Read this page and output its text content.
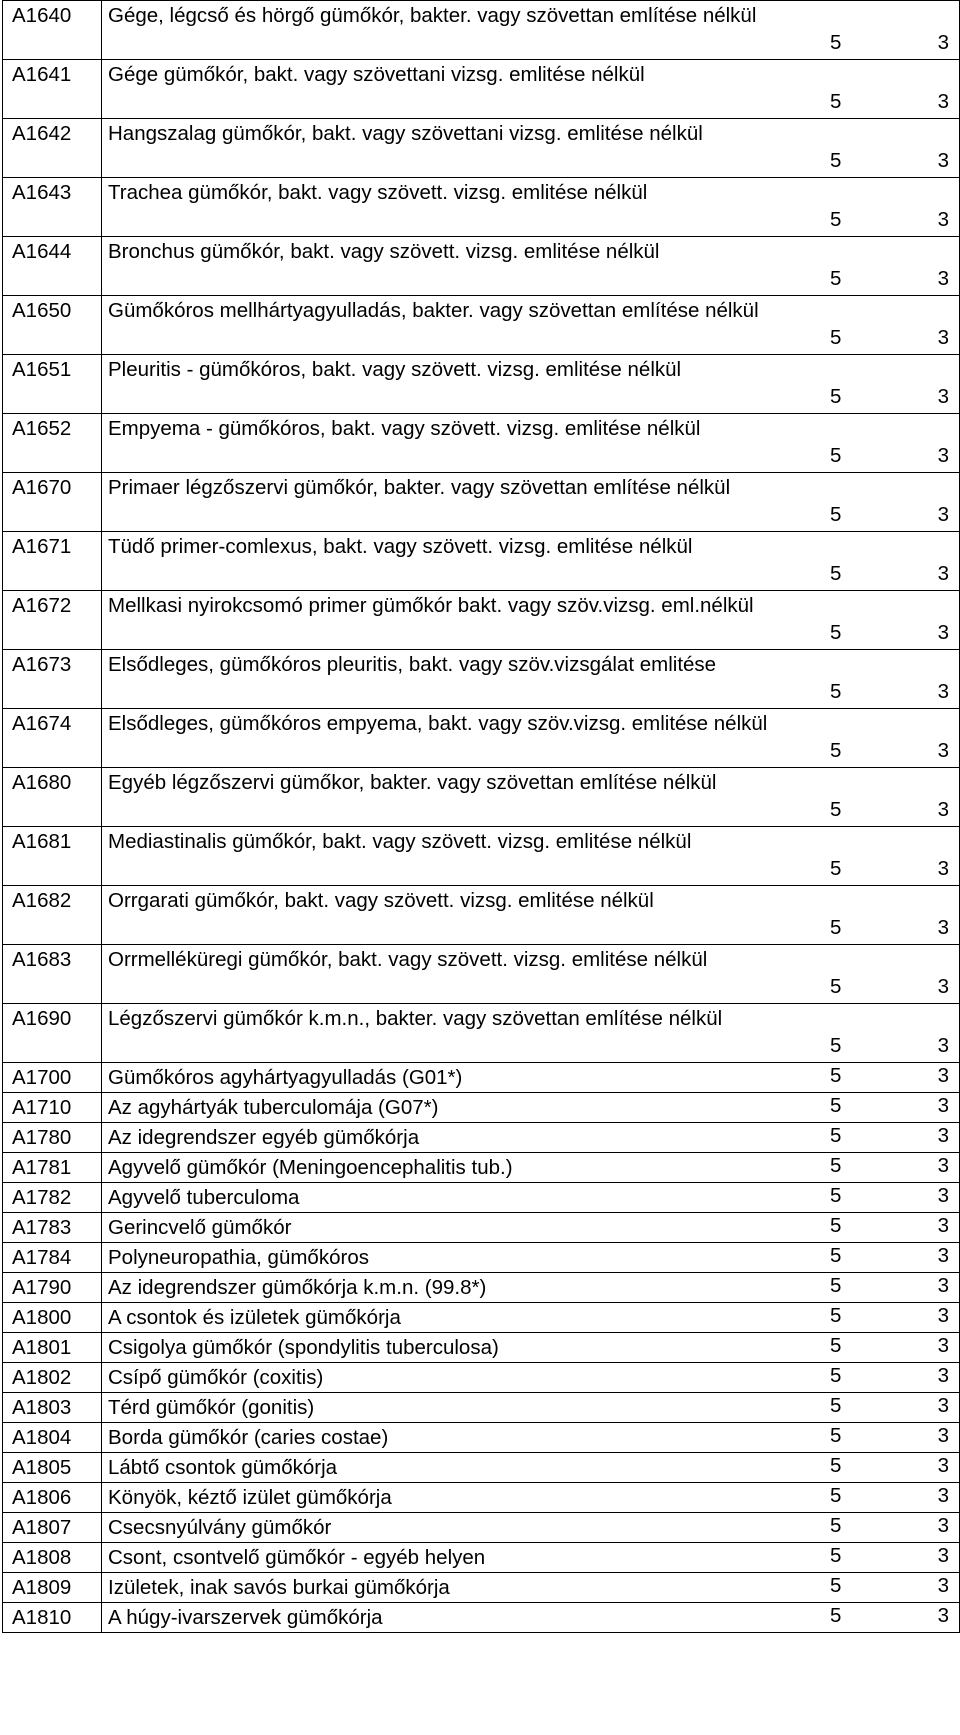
A1640	Gége, légcső és hörgő gümőkór, bakter. vagy szövettan említése nélkül
5 3

A1641	Gége gümőkór, bakt. vagy szövettani vizsg. emlitése nélkül
5 3

A1642	Hangszalag gümőkór, bakt. vagy szövettani vizsg. emlitése nélkül
5 3

A1643	Trachea gümőkór, bakt. vagy szövett. vizsg. emlitése nélkül
5 3

A1644	Bronchus gümőkór, bakt. vagy szövett. vizsg. emlitése nélkül
5 3

A1650	Gümőkóros mellhártyagyulladás, bakter. vagy szövettan említése nélkül
5 3

A1651	Pleuritis - gümőkóros, bakt. vagy szövett. vizsg. emlitése nélkül
5 3

A1652	Empyema - gümőkóros, bakt. vagy szövett. vizsg. emlitése nélkül
5 3

A1670	Primaer légzőszervi gümőkór, bakter. vagy szövettan említése nélkül
5 3

A1671	Tüdő primer-comlexus, bakt. vagy szövett. vizsg. emlitése nélkül
5 3

A1672	Mellkasi nyirokcsomó primer gümőkór bakt. vagy szöv.vizsg. eml.nélkül
5 3

A1673	Elsődleges, gümőkóros pleuritis, bakt. vagy szöv.vizsgálat emlitése
5 3

A1674	Elsődleges, gümőkóros empyema, bakt. vagy szöv.vizsg. emlitése nélkül
5 3

A1680	Egyéb légzőszervi gümőkor, bakter. vagy szövettan említése nélkül
5 3

A1681	Mediastinalis gümőkór, bakt. vagy szövett. vizsg. emlitése nélkül
5 3

A1682	Orrgarati gümőkór, bakt. vagy szövett. vizsg. emlitése nélkül
5 3

A1683	Orrmelléküregi gümőkór, bakt. vagy szövett. vizsg. emlitése nélkül
5 3

A1690	Légzőszervi gümőkór k.m.n., bakter. vagy szövettan említése nélkül
5 3

A1700	Gümőkóros agyhártyagyulladás (G01*) 5 3

A1710	Az agyhártyák tuberculomája (G07*) 5 3

A1780	Az idegrendszer egyéb gümőkórja 5 3

A1781	Agyvelő gümőkór (Meningoencephalitis tub.) 5 3

A1782	Agyvelő tuberculoma 5 3

A1783	Gerincvelő gümőkór 5 3

A1784	Polyneuropathia, gümőkóros 5 3

A1790	Az idegrendszer gümőkórja k.m.n. (99.8*) 5 3

A1800	A csontok és izületek gümőkórja 5 3

A1801	Csigolya gümőkór (spondylitis tuberculosa) 5 3

A1802	Csípő gümőkór (coxitis) 5 3

A1803	Térd gümőkór (gonitis) 5 3

A1804	Borda gümőkór (caries costae) 5 3

A1805	Lábtő csontok gümőkórja 5 3

A1806	Könyök, kéztő izület gümőkórja 5 3

A1807	Csecsnyúlvány gümőkór 5 3

A1808	Csont, csontvelő gümőkór - egyéb helyen 5 3

A1809	Izületek, inak savós burkai gümőkórja 5 3

A1810	A húgy-ivarszervek gümőkórja 5 3
